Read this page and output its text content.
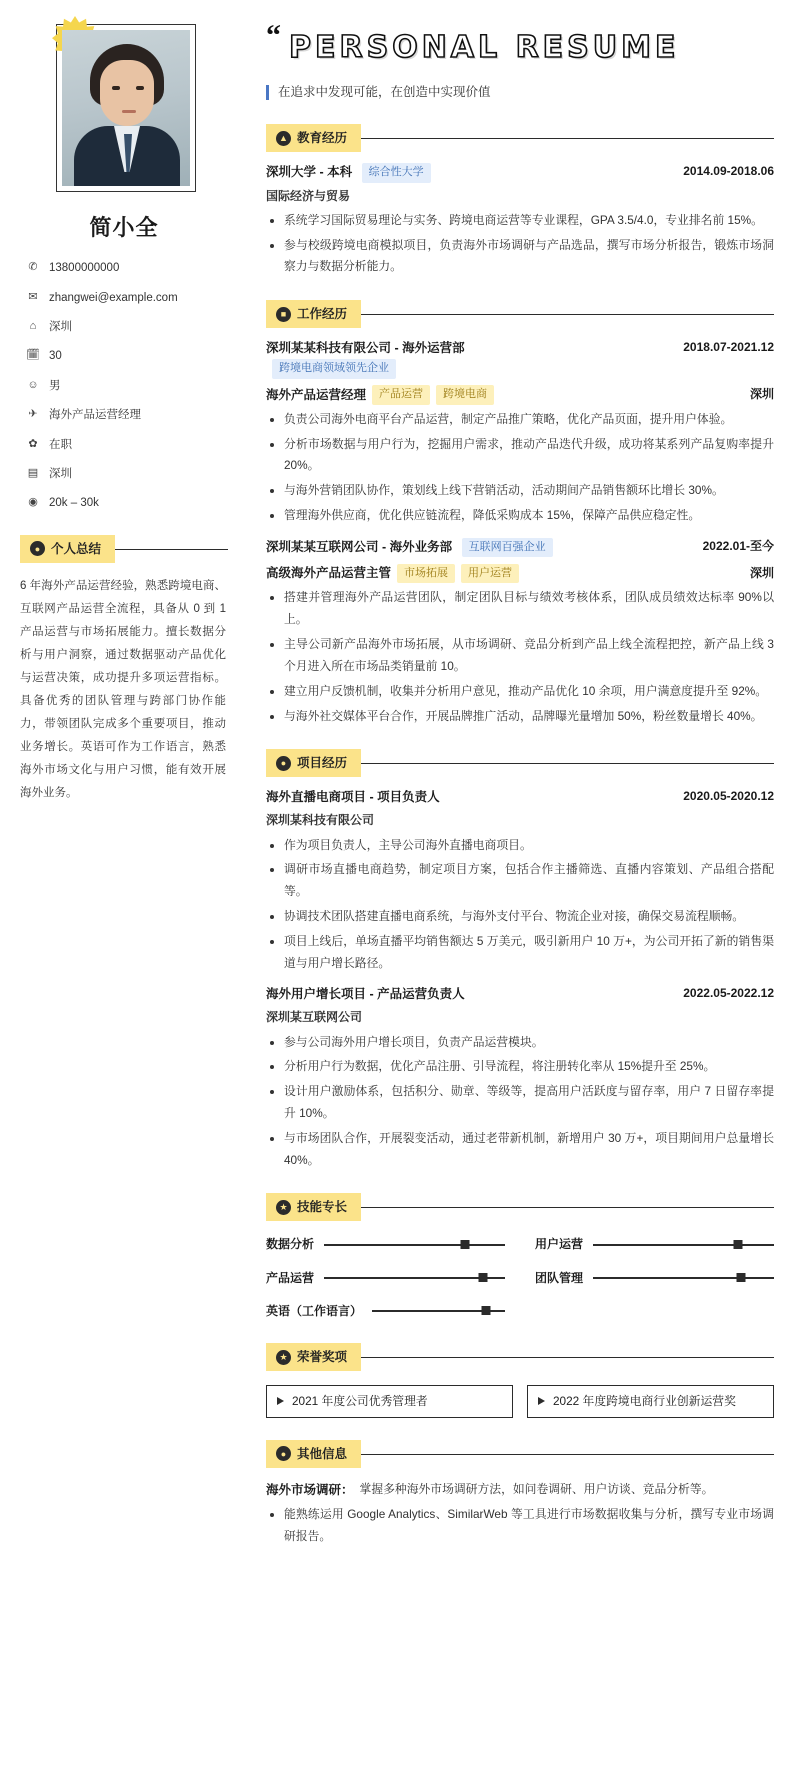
简小全
✆ 13800000000
✉ zhangwei@example.com
⌂	深圳
🗓 30
☺ 男
✈ 海外产品运营经理
✿ 在职
▤ 深圳
◉ 20k – 30k
● 个人总结
6 年海外产品运营经验，熟悉跨境电商、互联网产品运营全流程，具备从 0 到 1 产品运营与市场拓展能力。擅长数据分析与用户洞察，通过数据驱动产品优化与运营决策，成功提升多项运营指标。具备优秀的团队管理与跨部门协作能力，带领团队完成多个重要项目，推动业务增长。英语可作为工作语言，熟悉海外市场文化与用户习惯，能有效开展海外业务。
“ PERSONAL RESUME
在追求中发现可能，在创造中实现价值
▲ 教育经历
深圳大学 - 本科 综合性大学	2014.09-2018.06
国际经济与贸易
• 系统学习国际贸易理论与实务、跨境电商运营等专业课程，GPA 3.5/4.0，专业排名前 15%。
• 参与校级跨境电商模拟项目，负责海外市场调研与产品选品，撰写市场分析报告，锻炼市场洞察力与数据分析能力。
■ 工作经历
深圳某某科技有限公司 - 海外运营部 跨境电商领域领先企业
2018.07-2021.12
海外产品运营经理	产品运营	跨境电商	深圳
• 负责公司海外电商平台产品运营，制定产品推广策略，优化产品页面，提升用户体验。
• 分析市场数据与用户行为，挖掘用户需求，推动产品迭代升级，成功将某系列产品复购率提升 20%。
• 与海外营销团队协作，策划线上线下营销活动，活动期间产品销售额环比增长 30%。
• 管理海外供应商，优化供应链流程，降低采购成本 15%，保障产品供应稳定性。
深圳某某互联网公司 - 海外业务部 互联网百强企业	2022.01-至今
高级海外产品运营主管	市场拓展	用户运营	深圳
• 搭建并管理海外产品运营团队，制定团队目标与绩效考核体系，团队成员绩效达标率 90%以上。
• 主导公司新产品海外市场拓展，从市场调研、竞品分析到产品上线全流程把控，新产品上线 3 个月进入所在市场品类销量前 10。
• 建立用户反馈机制，收集并分析用户意见，推动产品优化 10 余项，用户满意度提升至 92%。
• 与海外社交媒体平台合作，开展品牌推广活动，品牌曝光量增加 50%，粉丝数量增长 40%。
● 项目经历
海外直播电商项目 - 项目负责人	2020.05-2020.12
深圳某科技有限公司
• 作为项目负责人，主导公司海外直播电商项目。
• 调研市场直播电商趋势，制定项目方案，包括合作主播筛选、直播内容策划、产品组合搭配等。
• 协调技术团队搭建直播电商系统，与海外支付平台、物流企业对接，确保交易流程顺畅。
• 项目上线后，单场直播平均销售额达 5 万美元，吸引新用户 10 万+，为公司开拓了新的销售渠道与用户增长路径。
海外用户增长项目 - 产品运营负责人	2022.05-2022.12
深圳某互联网公司
• 参与公司海外用户增长项目，负责产品运营模块。
• 分析用户行为数据，优化产品注册、引导流程，将注册转化率从 15%提升至 25%。
• 设计用户激励体系，包括积分、勋章、等级等，提高用户活跃度与留存率，用户 7 日留存率提升 10%。
• 与市场团队合作，开展裂变活动，通过老带新机制，新增用户 30 万+，项目期间用户总量增长 40%。
★ 技能专长
数据分析	用户运营
产品运营	团队管理
英语（工作语言）
★ 荣誉奖项
2021 年度公司优秀管理者	2022 年度跨境电商行业创新运营奖
● 其他信息
海外市场调研： 掌握多种海外市场调研方法，如问卷调研、用户访谈、竞品分析等。
• 能熟练运用 Google Analytics、SimilarWeb 等工具进行市场数据收集与分析，撰写专业市场调研报告。
